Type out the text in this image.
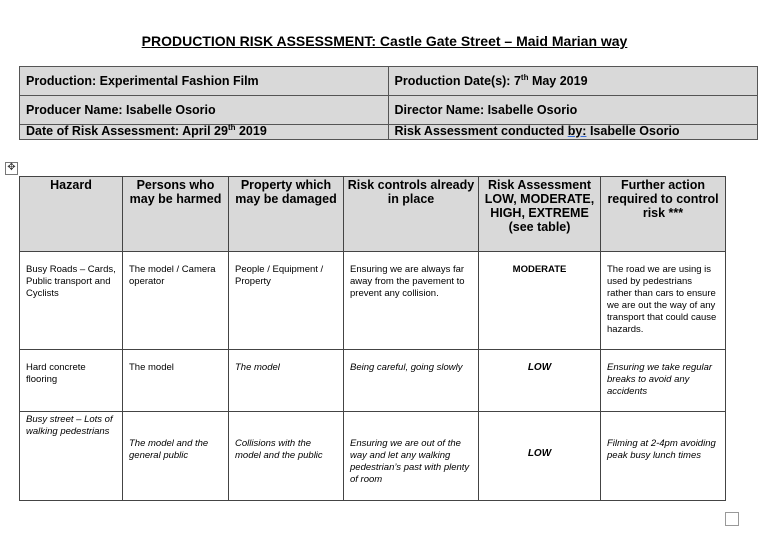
PRODUCTION RISK ASSESSMENT: Castle Gate Street – Maid Marian way
Production: Experimental Fashion Film	Production Date(s): 7th May 2019
Producer Name: Isabelle Osorio	Director Name: Isabelle Osorio
Date of Risk Assessment: April 29th 2019	Risk Assessment conducted by: Isabelle Osorio
✥
Hazard	Persons who may be harmed	Property which may be damaged	Risk controls already in place	Risk Assessment LOW, MODERATE, HIGH, EXTREME (see table)	Further action required to control risk ***
Busy Roads – Cards, Public transport and Cyclists	The model / Camera operator	People / Equipment / Property	Ensuring we are always far away from the pavement to prevent any collision.	MODERATE	The road we are using is used by pedestrians rather than cars to ensure we are out the way of any transport that could cause hazards.
Hard concrete flooring	The model	The model	Being careful, going slowly	LOW	Ensuring we take regular breaks to avoid any accidents
Busy street – Lots of walking pedestrians	The model and the general public	Collisions with the model and the public	Ensuring we are out of the way and let any walking pedestrian’s past with plenty of room	LOW	Filming at 2-4pm avoiding peak busy lunch times
